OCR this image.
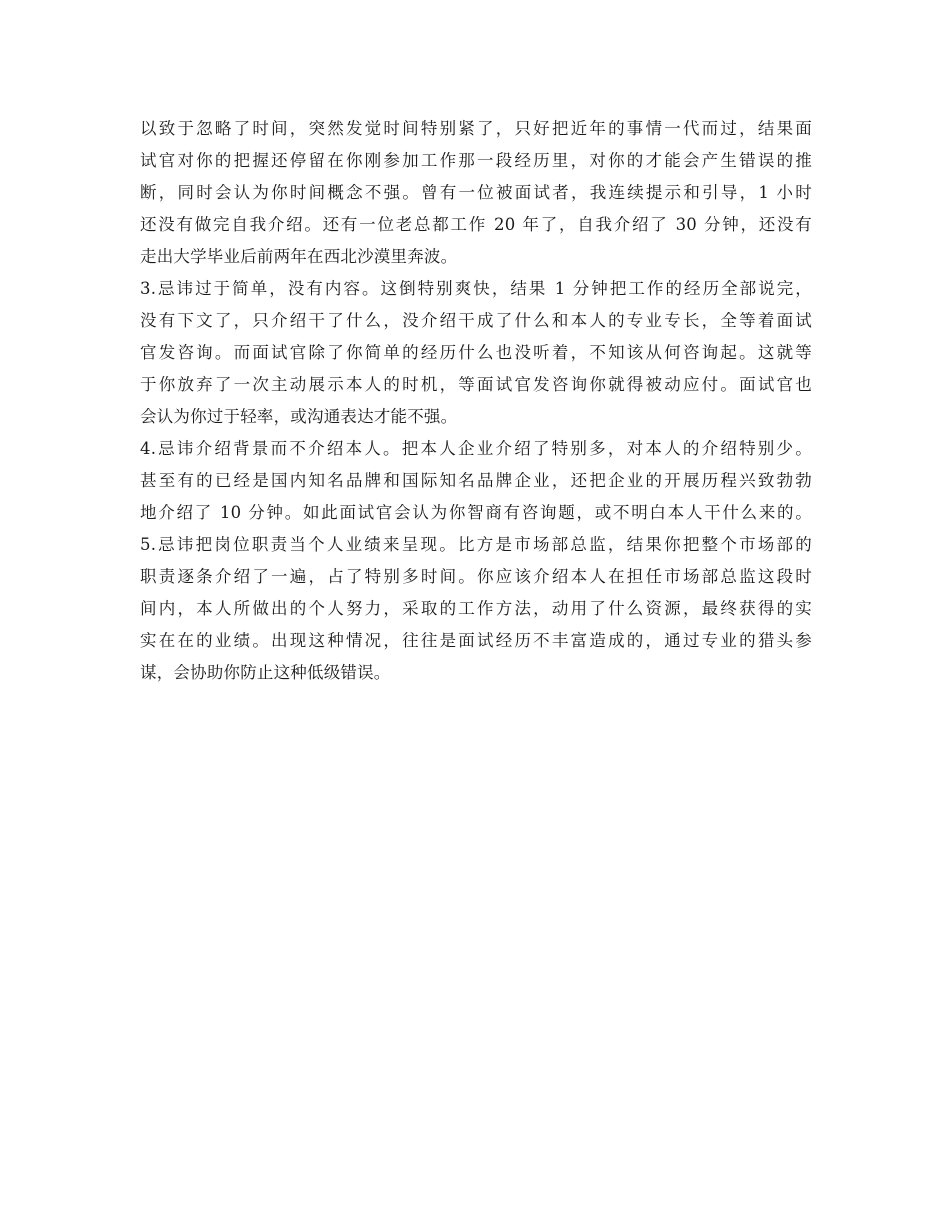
以致于忽略了时间，突然发觉时间特别紧了，只好把近年的事情一代而过，结果面
试官对你的把握还停留在你刚参加工作那一段经历里，对你的才能会产生错误的推
断，同时会认为你时间概念不强。曾有一位被面试者，我连续提示和引导，1 小时
还没有做完自我介绍。还有一位老总都工作 20 年了，自我介绍了 30 分钟，还没有
走出大学毕业后前两年在西北沙漠里奔波。
3.忌讳过于简单，没有内容。这倒特别爽快，结果 1 分钟把工作的经历全部说完，
没有下文了，只介绍干了什么，没介绍干成了什么和本人的专业专长，全等着面试
官发咨询。而面试官除了你简单的经历什么也没听着，不知该从何咨询起。这就等
于你放弃了一次主动展示本人的时机，等面试官发咨询你就得被动应付。面试官也
会认为你过于轻率，或沟通表达才能不强。
4.忌讳介绍背景而不介绍本人。把本人企业介绍了特别多，对本人的介绍特别少。
甚至有的已经是国内知名品牌和国际知名品牌企业，还把企业的开展历程兴致勃勃
地介绍了 10 分钟。如此面试官会认为你智商有咨询题，或不明白本人干什么来的。
5.忌讳把岗位职责当个人业绩来呈现。比方是市场部总监，结果你把整个市场部的
职责逐条介绍了一遍，占了特别多时间。你应该介绍本人在担任市场部总监这段时
间内，本人所做出的个人努力，采取的工作方法，动用了什么资源，最终获得的实
实在在的业绩。出现这种情况，往往是面试经历不丰富造成的，通过专业的猎头参
谋，会协助你防止这种低级错误。
